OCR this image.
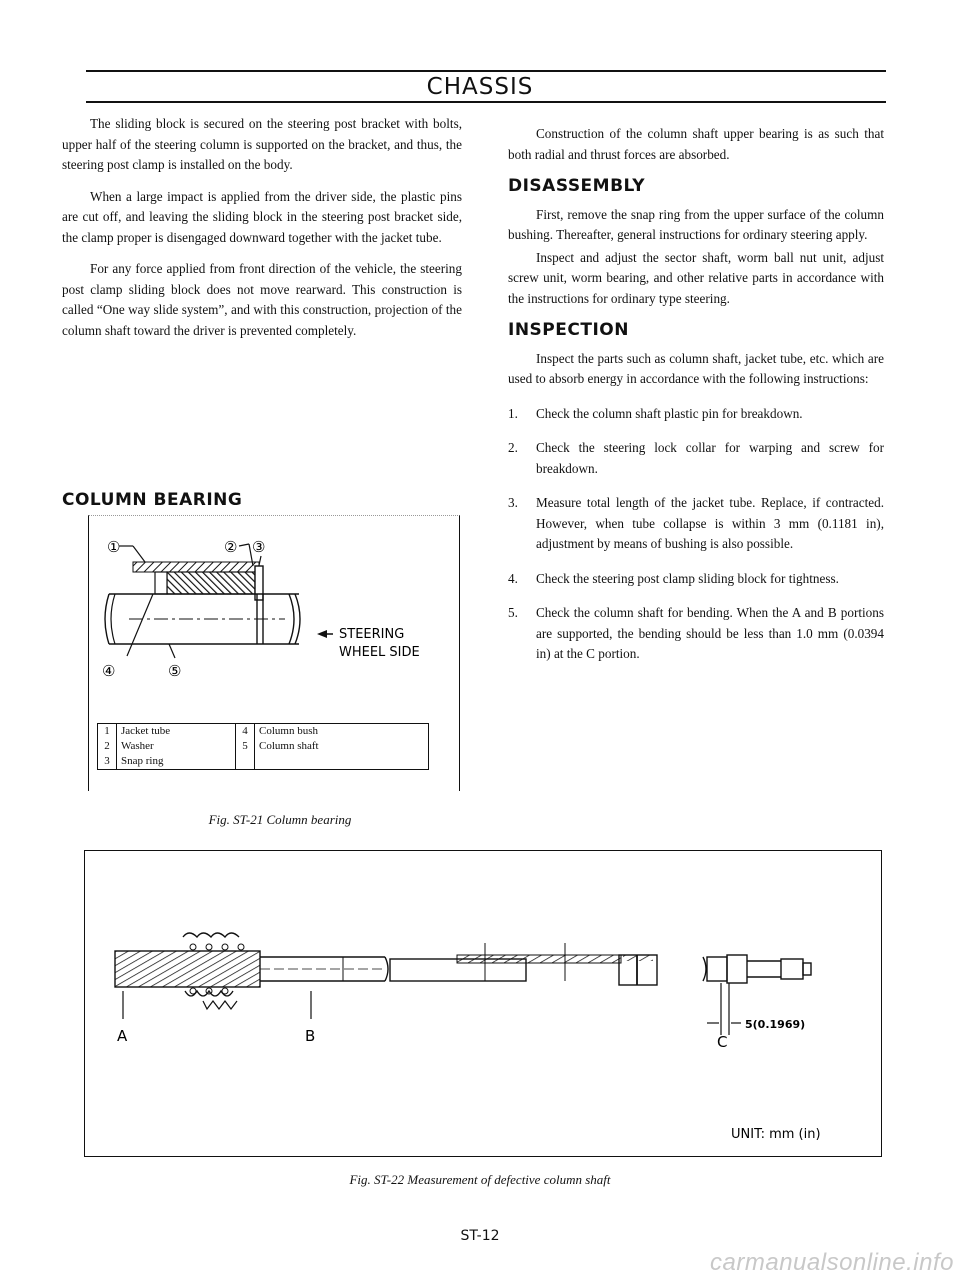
CHASSIS

The sliding block is secured on the steering post bracket with bolts, upper half of the steering column is supported on the bracket, and thus, the steering post clamp is installed on the body.

When a large impact is applied from the driver side, the plastic pins are cut off, and leaving the sliding block in the steering post bracket side, the clamp proper is disengaged downward together with the jacket tube.

For any force applied from front direction of the vehicle, the steering post clamp sliding block does not move rearward. This construction is called “One way slide system”, and with this construction, projection of the column shaft toward the driver is prevented completely.

COLUMN BEARING
①	② ③
④	⑤
STEERING
WHEEL SIDE
1	Jacket tube	4	Column bush
2	Washer	5	Column shaft
3	Snap ring		
Fig. ST-21 Column bearing

Construction of the column shaft upper bearing is as such that both radial and thrust forces are absorbed.

DISASSEMBLY

First, remove the snap ring from the upper surface of the column bushing. Thereafter, general instructions for ordinary steering apply.

Inspect and adjust the sector shaft, worm ball nut unit, adjust screw unit, worm bearing, and other relative parts in accordance with the instructions for ordinary type steering.

INSPECTION

Inspect the parts such as column shaft, jacket tube, etc. which are used to absorb energy in accordance with the following instructions:

1. Check the column shaft plastic pin for breakdown.

2. Check the steering lock collar for warping and screw for breakdown.

3. Measure total length of the jacket tube. Replace, if contracted. However, when tube collapse is within 3 mm (0.1181 in), adjustment by means of bushing is also possible.

4. Check the steering post clamp sliding block for tightness.

5. Check the column shaft for bending. When the A and B portions are supported, the bending should be less than 1.0 mm (0.0394 in) at the C portion.

5(0.1969)
C
A	B
UNIT: mm (in)
Fig. ST-22 Measurement of defective column shaft
ST-12
carmanualsonline.info
